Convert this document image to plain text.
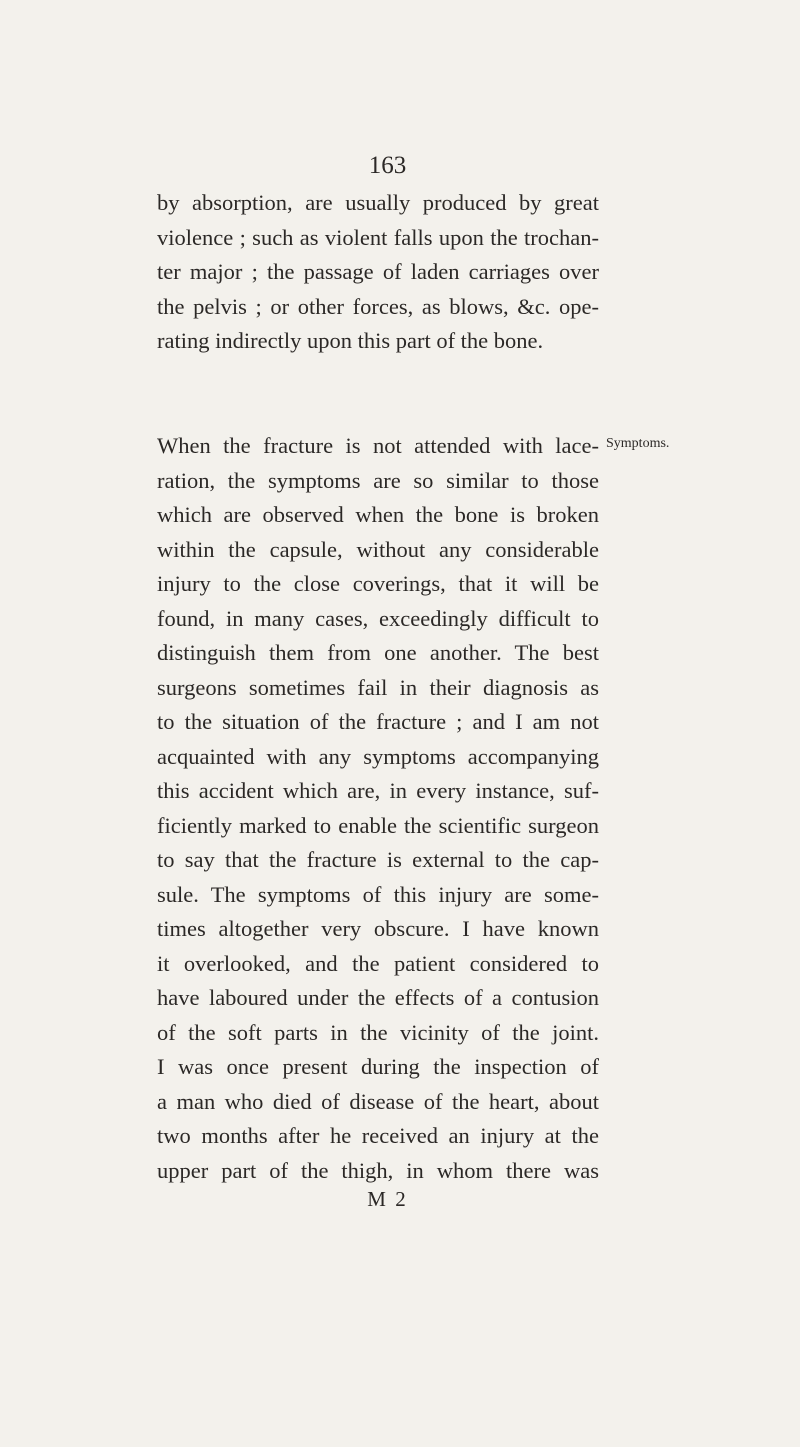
163
by absorption, are usually produced by great
violence ; such as violent falls upon the trochan-
ter major ; the passage of laden carriages over
the pelvis ; or other forces, as blows, &c. ope-
rating indirectly upon this part of the bone.
When the fracture is not attended with lace-
ration, the symptoms are so similar to those
which are observed when the bone is broken
within the capsule, without any considerable
injury to the close coverings, that it will be
found, in many cases, exceedingly difficult to
distinguish them from one another. The best
surgeons sometimes fail in their diagnosis as
to the situation of the fracture ; and I am not
acquainted with any symptoms accompanying
this accident which are, in every instance, suf-
ficiently marked to enable the scientific surgeon
to say that the fracture is external to the cap-
sule. The symptoms of this injury are some-
times altogether very obscure. I have known
it overlooked, and the patient considered to
have laboured under the effects of a contusion
of the soft parts in the vicinity of the joint.
I was once present during the inspection of
a man who died of disease of the heart, about
two months after he received an injury at the
upper part of the thigh, in whom there was
Symptoms.
M 2
